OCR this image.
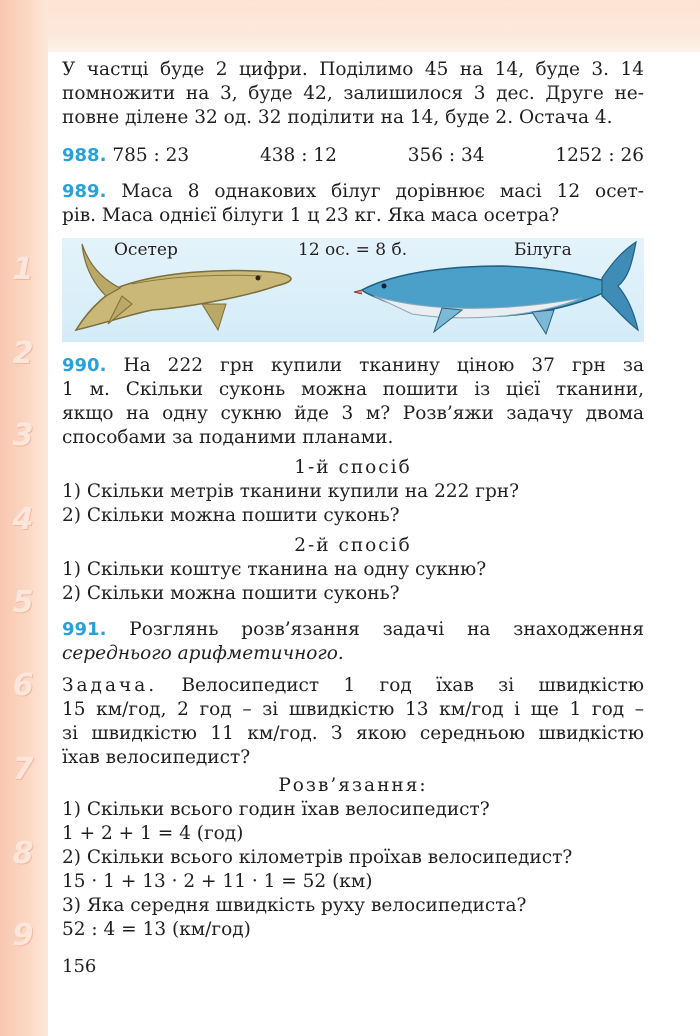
1
2
3
4
5
6
7
8
9

У частці буде 2 цифри. Поділимо 45 на 14, буде 3. 14

помножити на 3, буде 42, залишилося 3 дес. Друге не-

повне ділене 32 од. 32 поділити на 14, буде 2. Остача 4.

988. 785 : 23	438 : 12	356 : 34	1252 : 26

989. Маса 8 однакових білуг дорівнює масі 12 осет-

рів. Маса однієї білуги 1 ц 23 кг. Яка маса осетра?

Осетер	12 ос. = 8 б.	Білуга

990. На 222 грн купили тканину ціною 37 грн за

1 м. Скільки суконь можна пошити із цієї тканини,

якщо на одну сукню йде 3 м? Розв’яжи задачу двома

способами за поданими планами.

1-й спосіб

1) Скільки метрів тканини купили на 222 грн?

2) Скільки можна пошити суконь?

2-й спосіб

1) Скільки коштує тканина на одну сукню?

2) Скільки можна пошити суконь?

991. Розглянь розв’язання задачі на знаходження

середнього арифметичного.

Задача. Велосипедист 1 год їхав зі швидкістю

15 км/год, 2 год – зі швидкістю 13 км/год і ще 1 год –

зі швидкістю 11 км/год. З якою середньою швидкістю

їхав велосипедист?

Розв’язання:

1) Скільки всього годин їхав велосипедист?

1 + 2 + 1 = 4 (год)

2) Скільки всього кілометрів проїхав велосипедист?

15 · 1 + 13 · 2 + 11 · 1 = 52 (км)

3) Яка середня швидкість руху велосипедиста?

52 : 4 = 13 (км/год)

156
